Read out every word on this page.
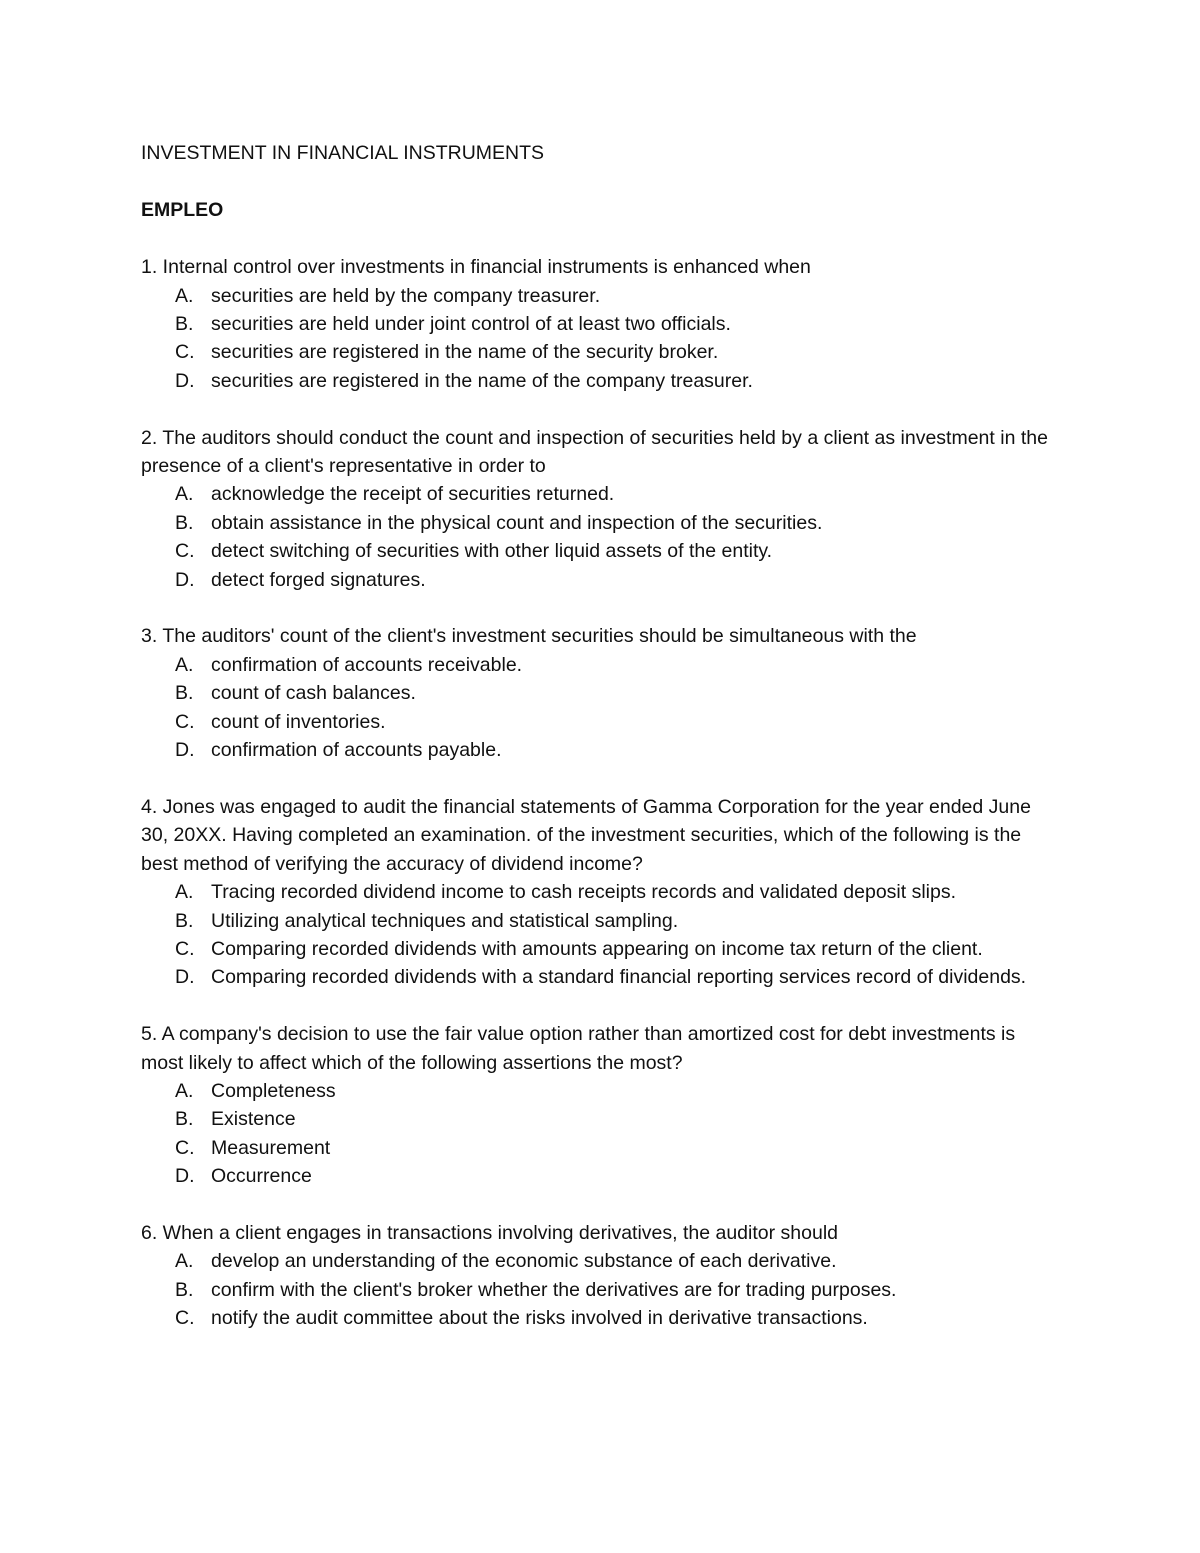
INVESTMENT IN FINANCIAL INSTRUMENTS
EMPLEO

1. Internal control over investments in financial instruments is enhanced when

A. securities are held by the company treasurer.
B. securities are held under joint control of at least two officials.
C. securities are registered in the name of the security broker.
D. securities are registered in the name of the company treasurer.

2. The auditors should conduct the count and inspection of securities held by a client as investment in the presence of a client's representative in order to

A. acknowledge the receipt of securities returned.
B. obtain assistance in the physical count and inspection of the securities.
C. detect switching of securities with other liquid assets of the entity.
D. detect forged signatures.

3. The auditors' count of the client's investment securities should be simultaneous with the

A. confirmation of accounts receivable.
B. count of cash balances.
C. count of inventories.
D. confirmation of accounts payable.

4. Jones was engaged to audit the financial statements of Gamma Corporation for the year ended June 30, 20XX. Having completed an examination. of the investment securities, which of the following is the best method of verifying the accuracy of dividend income?

A. Tracing recorded dividend income to cash receipts records and validated deposit slips.
B. Utilizing analytical techniques and statistical sampling.
C. Comparing recorded dividends with amounts appearing on income tax return of the client.
D. Comparing recorded dividends with a standard financial reporting services record of dividends.

5. A company's decision to use the fair value option rather than amortized cost for debt investments is most likely to affect which of the following assertions the most?

A. Completeness
B. Existence
C. Measurement
D. Occurrence

6. When a client engages in transactions involving derivatives, the auditor should

A. develop an understanding of the economic substance of each derivative.
B. confirm with the client's broker whether the derivatives are for trading purposes.
C. notify the audit committee about the risks involved in derivative transactions.
